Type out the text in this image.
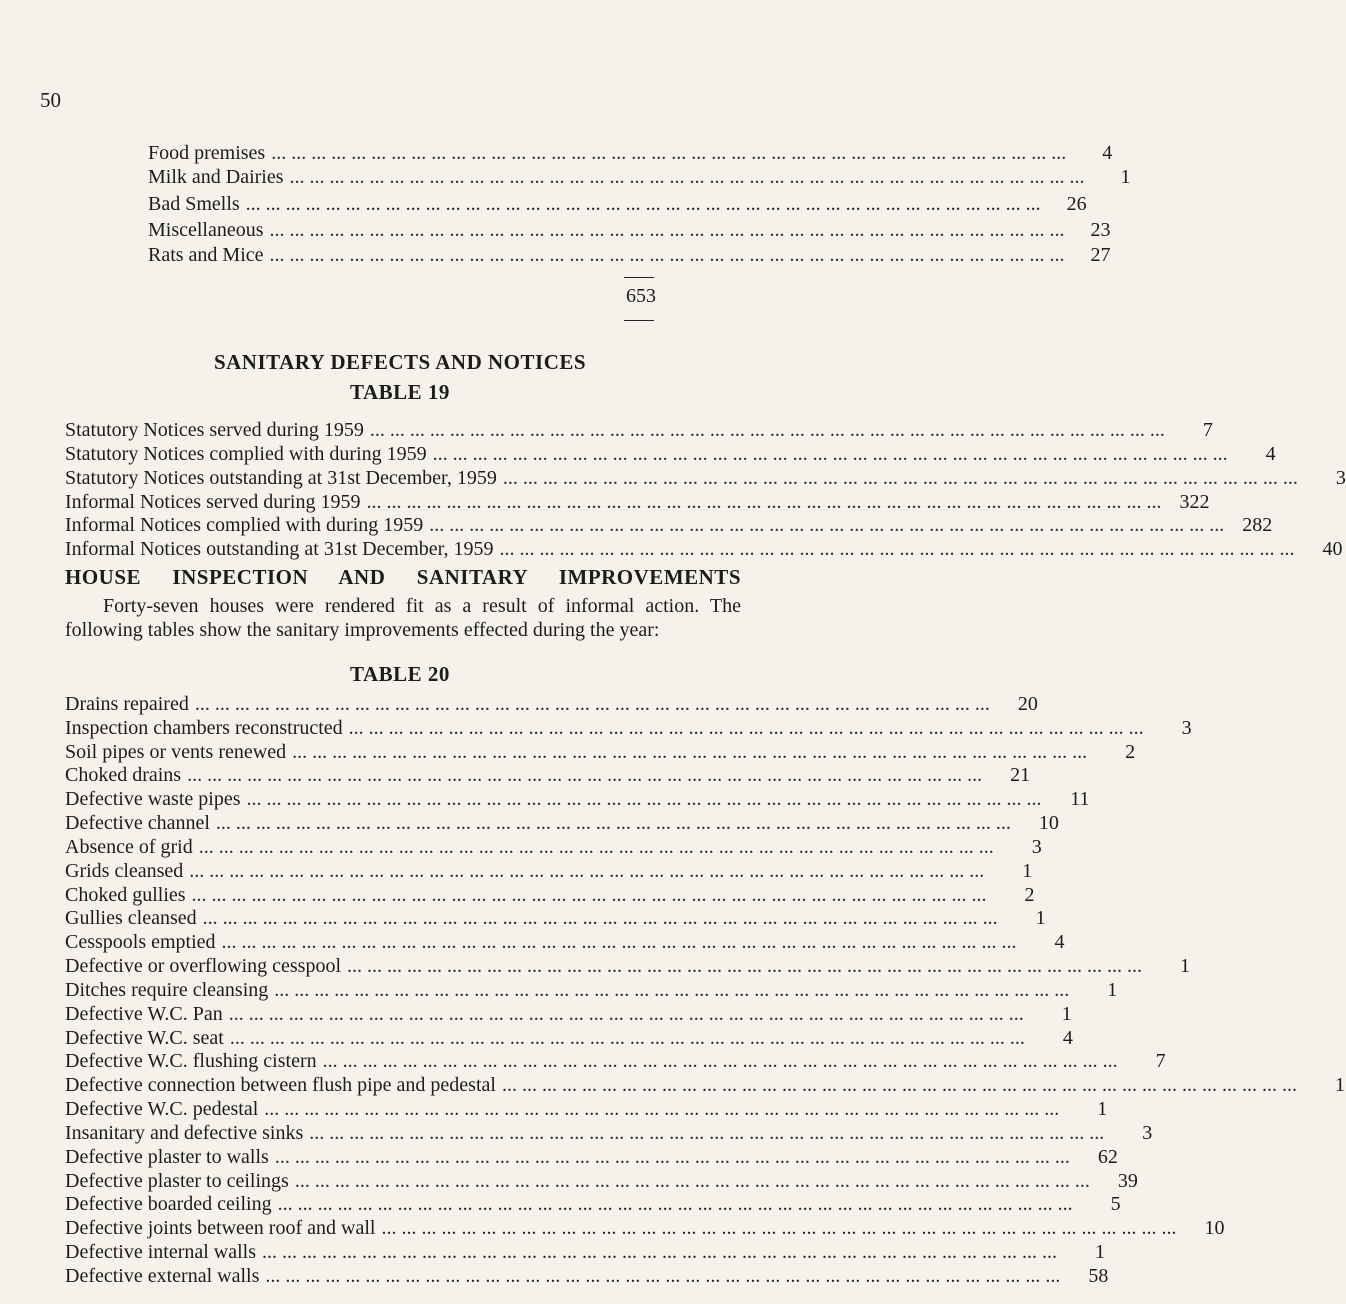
50
Food premises ... ... ... ... ... ... ... ... ... ... ... ... ... ... ... ... ... ... ... ... ... ... ... ... ... ... ... ... ... ... ... ... ... ... ... ... ... ... ... ...	4
Milk and Dairies ... ... ... ... ... ... ... ... ... ... ... ... ... ... ... ... ... ... ... ... ... ... ... ... ... ... ... ... ... ... ... ... ... ... ... ... ... ... ... ...	1
Bad Smells ... ... ... ... ... ... ... ... ... ... ... ... ... ... ... ... ... ... ... ... ... ... ... ... ... ... ... ... ... ... ... ... ... ... ... ... ... ... ... ...	26
Miscellaneous ... ... ... ... ... ... ... ... ... ... ... ... ... ... ... ... ... ... ... ... ... ... ... ... ... ... ... ... ... ... ... ... ... ... ... ... ... ... ... ...	23
Rats and Mice ... ... ... ... ... ... ... ... ... ... ... ... ... ... ... ... ... ... ... ... ... ... ... ... ... ... ... ... ... ... ... ... ... ... ... ... ... ... ... ...	27
653
SANITARY DEFECTS AND NOTICES
TABLE 19
Statutory Notices served during 1959 ... ... ... ... ... ... ... ... ... ... ... ... ... ... ... ... ... ... ... ... ... ... ... ... ... ... ... ... ... ... ... ... ... ... ... ... ... ... ... ...	7
Statutory Notices complied with during 1959 ... ... ... ... ... ... ... ... ... ... ... ... ... ... ... ... ... ... ... ... ... ... ... ... ... ... ... ... ... ... ... ... ... ... ... ... ... ... ... ...	4
Statutory Notices outstanding at 31st December, 1959 ... ... ... ... ... ... ... ... ... ... ... ... ... ... ... ... ... ... ... ... ... ... ... ... ... ... ... ... ... ... ... ... ... ... ... ... ... ... ... ...	3
Informal Notices served during 1959 ... ... ... ... ... ... ... ... ... ... ... ... ... ... ... ... ... ... ... ... ... ... ... ... ... ... ... ... ... ... ... ... ... ... ... ... ... ... ... ... 322
Informal Notices complied with during 1959 ... ... ... ... ... ... ... ... ... ... ... ... ... ... ... ... ... ... ... ... ... ... ... ... ... ... ... ... ... ... ... ... ... ... ... ... ... ... ... ... 282
Informal Notices outstanding at 31st December, 1959 ... ... ... ... ... ... ... ... ... ... ... ... ... ... ... ... ... ... ... ... ... ... ... ... ... ... ... ... ... ... ... ... ... ... ... ... ... ... ... ...	40
HOUSE INSPECTION AND SANITARY IMPROVEMENTS
Forty-seven houses were rendered fit as a result of informal action. The following tables show the sanitary improvements effected during the year:
TABLE 20
Drains repaired ... ... ... ... ... ... ... ... ... ... ... ... ... ... ... ... ... ... ... ... ... ... ... ... ... ... ... ... ... ... ... ... ... ... ... ... ... ... ... ...	20
Inspection chambers reconstructed ... ... ... ... ... ... ... ... ... ... ... ... ... ... ... ... ... ... ... ... ... ... ... ... ... ... ... ... ... ... ... ... ... ... ... ... ... ... ... ...	3
Soil pipes or vents renewed ... ... ... ... ... ... ... ... ... ... ... ... ... ... ... ... ... ... ... ... ... ... ... ... ... ... ... ... ... ... ... ... ... ... ... ... ... ... ... ...	2
Choked drains ... ... ... ... ... ... ... ... ... ... ... ... ... ... ... ... ... ... ... ... ... ... ... ... ... ... ... ... ... ... ... ... ... ... ... ... ... ... ... ...	21
Defective waste pipes ... ... ... ... ... ... ... ... ... ... ... ... ... ... ... ... ... ... ... ... ... ... ... ... ... ... ... ... ... ... ... ... ... ... ... ... ... ... ... ...	11
Defective channel ... ... ... ... ... ... ... ... ... ... ... ... ... ... ... ... ... ... ... ... ... ... ... ... ... ... ... ... ... ... ... ... ... ... ... ... ... ... ... ...	10
Absence of grid ... ... ... ... ... ... ... ... ... ... ... ... ... ... ... ... ... ... ... ... ... ... ... ... ... ... ... ... ... ... ... ... ... ... ... ... ... ... ... ...	3
Grids cleansed ... ... ... ... ... ... ... ... ... ... ... ... ... ... ... ... ... ... ... ... ... ... ... ... ... ... ... ... ... ... ... ... ... ... ... ... ... ... ... ...	1
Choked gullies ... ... ... ... ... ... ... ... ... ... ... ... ... ... ... ... ... ... ... ... ... ... ... ... ... ... ... ... ... ... ... ... ... ... ... ... ... ... ... ...	2
Gullies cleansed ... ... ... ... ... ... ... ... ... ... ... ... ... ... ... ... ... ... ... ... ... ... ... ... ... ... ... ... ... ... ... ... ... ... ... ... ... ... ... ...	1
Cesspools emptied ... ... ... ... ... ... ... ... ... ... ... ... ... ... ... ... ... ... ... ... ... ... ... ... ... ... ... ... ... ... ... ... ... ... ... ... ... ... ... ...	4
Defective or overflowing cesspool ... ... ... ... ... ... ... ... ... ... ... ... ... ... ... ... ... ... ... ... ... ... ... ... ... ... ... ... ... ... ... ... ... ... ... ... ... ... ... ...	1
Ditches require cleansing ... ... ... ... ... ... ... ... ... ... ... ... ... ... ... ... ... ... ... ... ... ... ... ... ... ... ... ... ... ... ... ... ... ... ... ... ... ... ... ...	1
Defective W.C. Pan ... ... ... ... ... ... ... ... ... ... ... ... ... ... ... ... ... ... ... ... ... ... ... ... ... ... ... ... ... ... ... ... ... ... ... ... ... ... ... ...	1
Defective W.C. seat ... ... ... ... ... ... ... ... ... ... ... ... ... ... ... ... ... ... ... ... ... ... ... ... ... ... ... ... ... ... ... ... ... ... ... ... ... ... ... ...	4
Defective W.C. flushing cistern ... ... ... ... ... ... ... ... ... ... ... ... ... ... ... ... ... ... ... ... ... ... ... ... ... ... ... ... ... ... ... ... ... ... ... ... ... ... ... ...	7
Defective connection between flush pipe and pedestal ... ... ... ... ... ... ... ... ... ... ... ... ... ... ... ... ... ... ... ... ... ... ... ... ... ... ... ... ... ... ... ... ... ... ... ... ... ... ... ...	1
Defective W.C. pedestal ... ... ... ... ... ... ... ... ... ... ... ... ... ... ... ... ... ... ... ... ... ... ... ... ... ... ... ... ... ... ... ... ... ... ... ... ... ... ... ...	1
Insanitary and defective sinks ... ... ... ... ... ... ... ... ... ... ... ... ... ... ... ... ... ... ... ... ... ... ... ... ... ... ... ... ... ... ... ... ... ... ... ... ... ... ... ...	3
Defective plaster to walls ... ... ... ... ... ... ... ... ... ... ... ... ... ... ... ... ... ... ... ... ... ... ... ... ... ... ... ... ... ... ... ... ... ... ... ... ... ... ... ...	62
Defective plaster to ceilings ... ... ... ... ... ... ... ... ... ... ... ... ... ... ... ... ... ... ... ... ... ... ... ... ... ... ... ... ... ... ... ... ... ... ... ... ... ... ... ...	39
Defective boarded ceiling ... ... ... ... ... ... ... ... ... ... ... ... ... ... ... ... ... ... ... ... ... ... ... ... ... ... ... ... ... ... ... ... ... ... ... ... ... ... ... ...	5
Defective joints between roof and wall ... ... ... ... ... ... ... ... ... ... ... ... ... ... ... ... ... ... ... ... ... ... ... ... ... ... ... ... ... ... ... ... ... ... ... ... ... ... ... ...	10
Defective internal walls ... ... ... ... ... ... ... ... ... ... ... ... ... ... ... ... ... ... ... ... ... ... ... ... ... ... ... ... ... ... ... ... ... ... ... ... ... ... ... ...	1
Defective external walls ... ... ... ... ... ... ... ... ... ... ... ... ... ... ... ... ... ... ... ... ... ... ... ... ... ... ... ... ... ... ... ... ... ... ... ... ... ... ... ...	58
